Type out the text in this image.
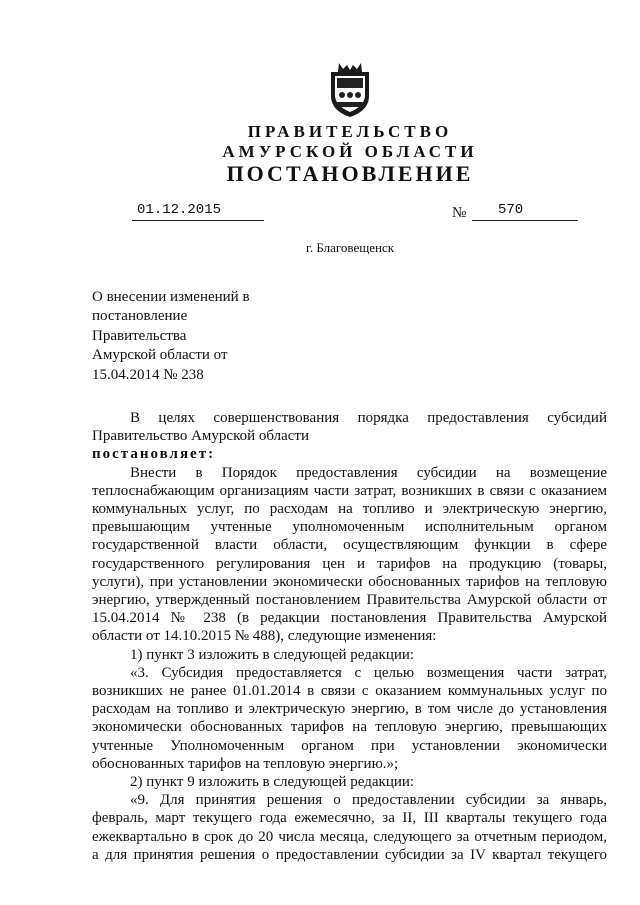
ПРАВИТЕЛЬСТВО
АМУРСКОЙ ОБЛАСТИ
ПОСТАНОВЛЕНИЕ
01.12.2015	№ 570
г. Благовещенск
О внесении изменений в
постановление
Правительства
Амурской области от
15.04.2014 № 238
В целях совершенствования порядка предоставления субсидий
Правительство Амурской области
постановляет:
Внести в Порядок предоставления субсидии на возмещение
теплоснабжающим организациям части затрат, возникших в связи с оказанием
коммунальных услуг, по расходам на топливо и электрическую энергию,
превышающим учтенные уполномоченным исполнительным органом
государственной власти области, осуществляющим функции в сфере
государственного регулирования цен и тарифов на продукцию (товары,
услуги), при установлении экономически обоснованных тарифов на тепловую
энергию, утвержденный постановлением Правительства Амурской области от
15.04.2014 № 238 (в редакции постановления Правительства Амурской
области от 14.10.2015 № 488), следующие изменения:
1) пункт 3 изложить в следующей редакции:
«3. Субсидия предоставляется с целью возмещения части затрат,
возникших не ранее 01.01.2014 в связи с оказанием коммунальных услуг по
расходам на топливо и электрическую энергию, в том числе до установления
экономически обоснованных тарифов на тепловую энергию, превышающих
учтенные Уполномоченным органом при установлении экономически
обоснованных тарифов на тепловую энергию.»;
2) пункт 9 изложить в следующей редакции:
«9. Для принятия решения о предоставлении субсидии за январь,
февраль, март текущего года ежемесячно, за II, III кварталы текущего года
ежеквартально в срок до 20 числа месяца, следующего за отчетным периодом,
а для принятия решения о предоставлении субсидии за IV квартал текущего
